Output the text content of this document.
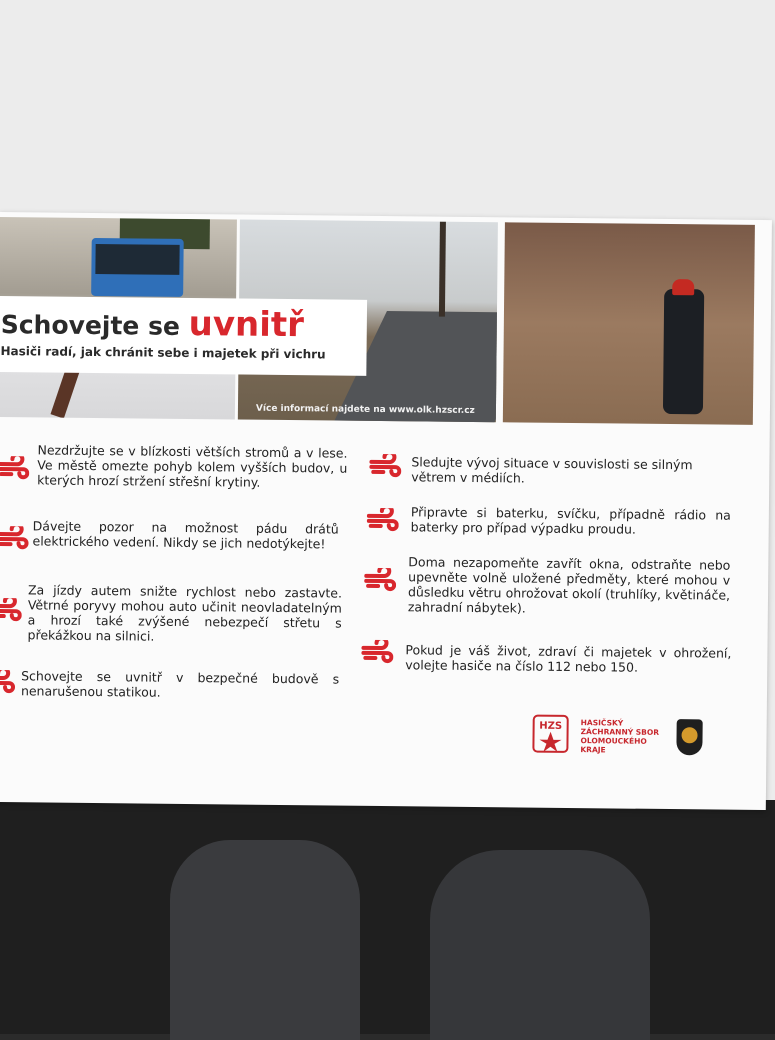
Více informací najdete na www.olk.hzscr.cz
Schovejte se uvnitř
Hasiči radí, jak chránit sebe i majetek při vichru
Nezdržujte se v blízkosti větších stromů a v lese. Ve městě omezte pohyb kolem vyšších budov, u kterých hrozí stržení střešní krytiny.
Dávejte pozor na možnost pádu drátů elektrického vedení. Nikdy se jich nedotýkejte!
Za jízdy autem snižte rychlost nebo zastavte. Větrné poryvy mohou auto učinit neovladatelným a hrozí také zvýšené nebezpečí střetu s překážkou na silnici.
Schovejte se uvnitř v bezpečné budově s nenarušenou statikou.
Sledujte vývoj situace v souvislosti se silným větrem v médiích.
Připravte si baterku, svíčku, případně rádio na baterky pro případ výpadku proudu.
Doma nezapomeňte zavřít okna, odstraňte nebo upevněte volně uložené předměty, které mohou v důsledku větru ohrožovat okolí (truhlíky, květináče, zahradní nábytek).
Pokud je váš život, zdraví či majetek v ohrožení, volejte hasiče na číslo 112 nebo 150.
HZS HASIČSKÝ
ZÁCHRANNÝ SBOR
OLOMOUCKÉHO
KRAJE
